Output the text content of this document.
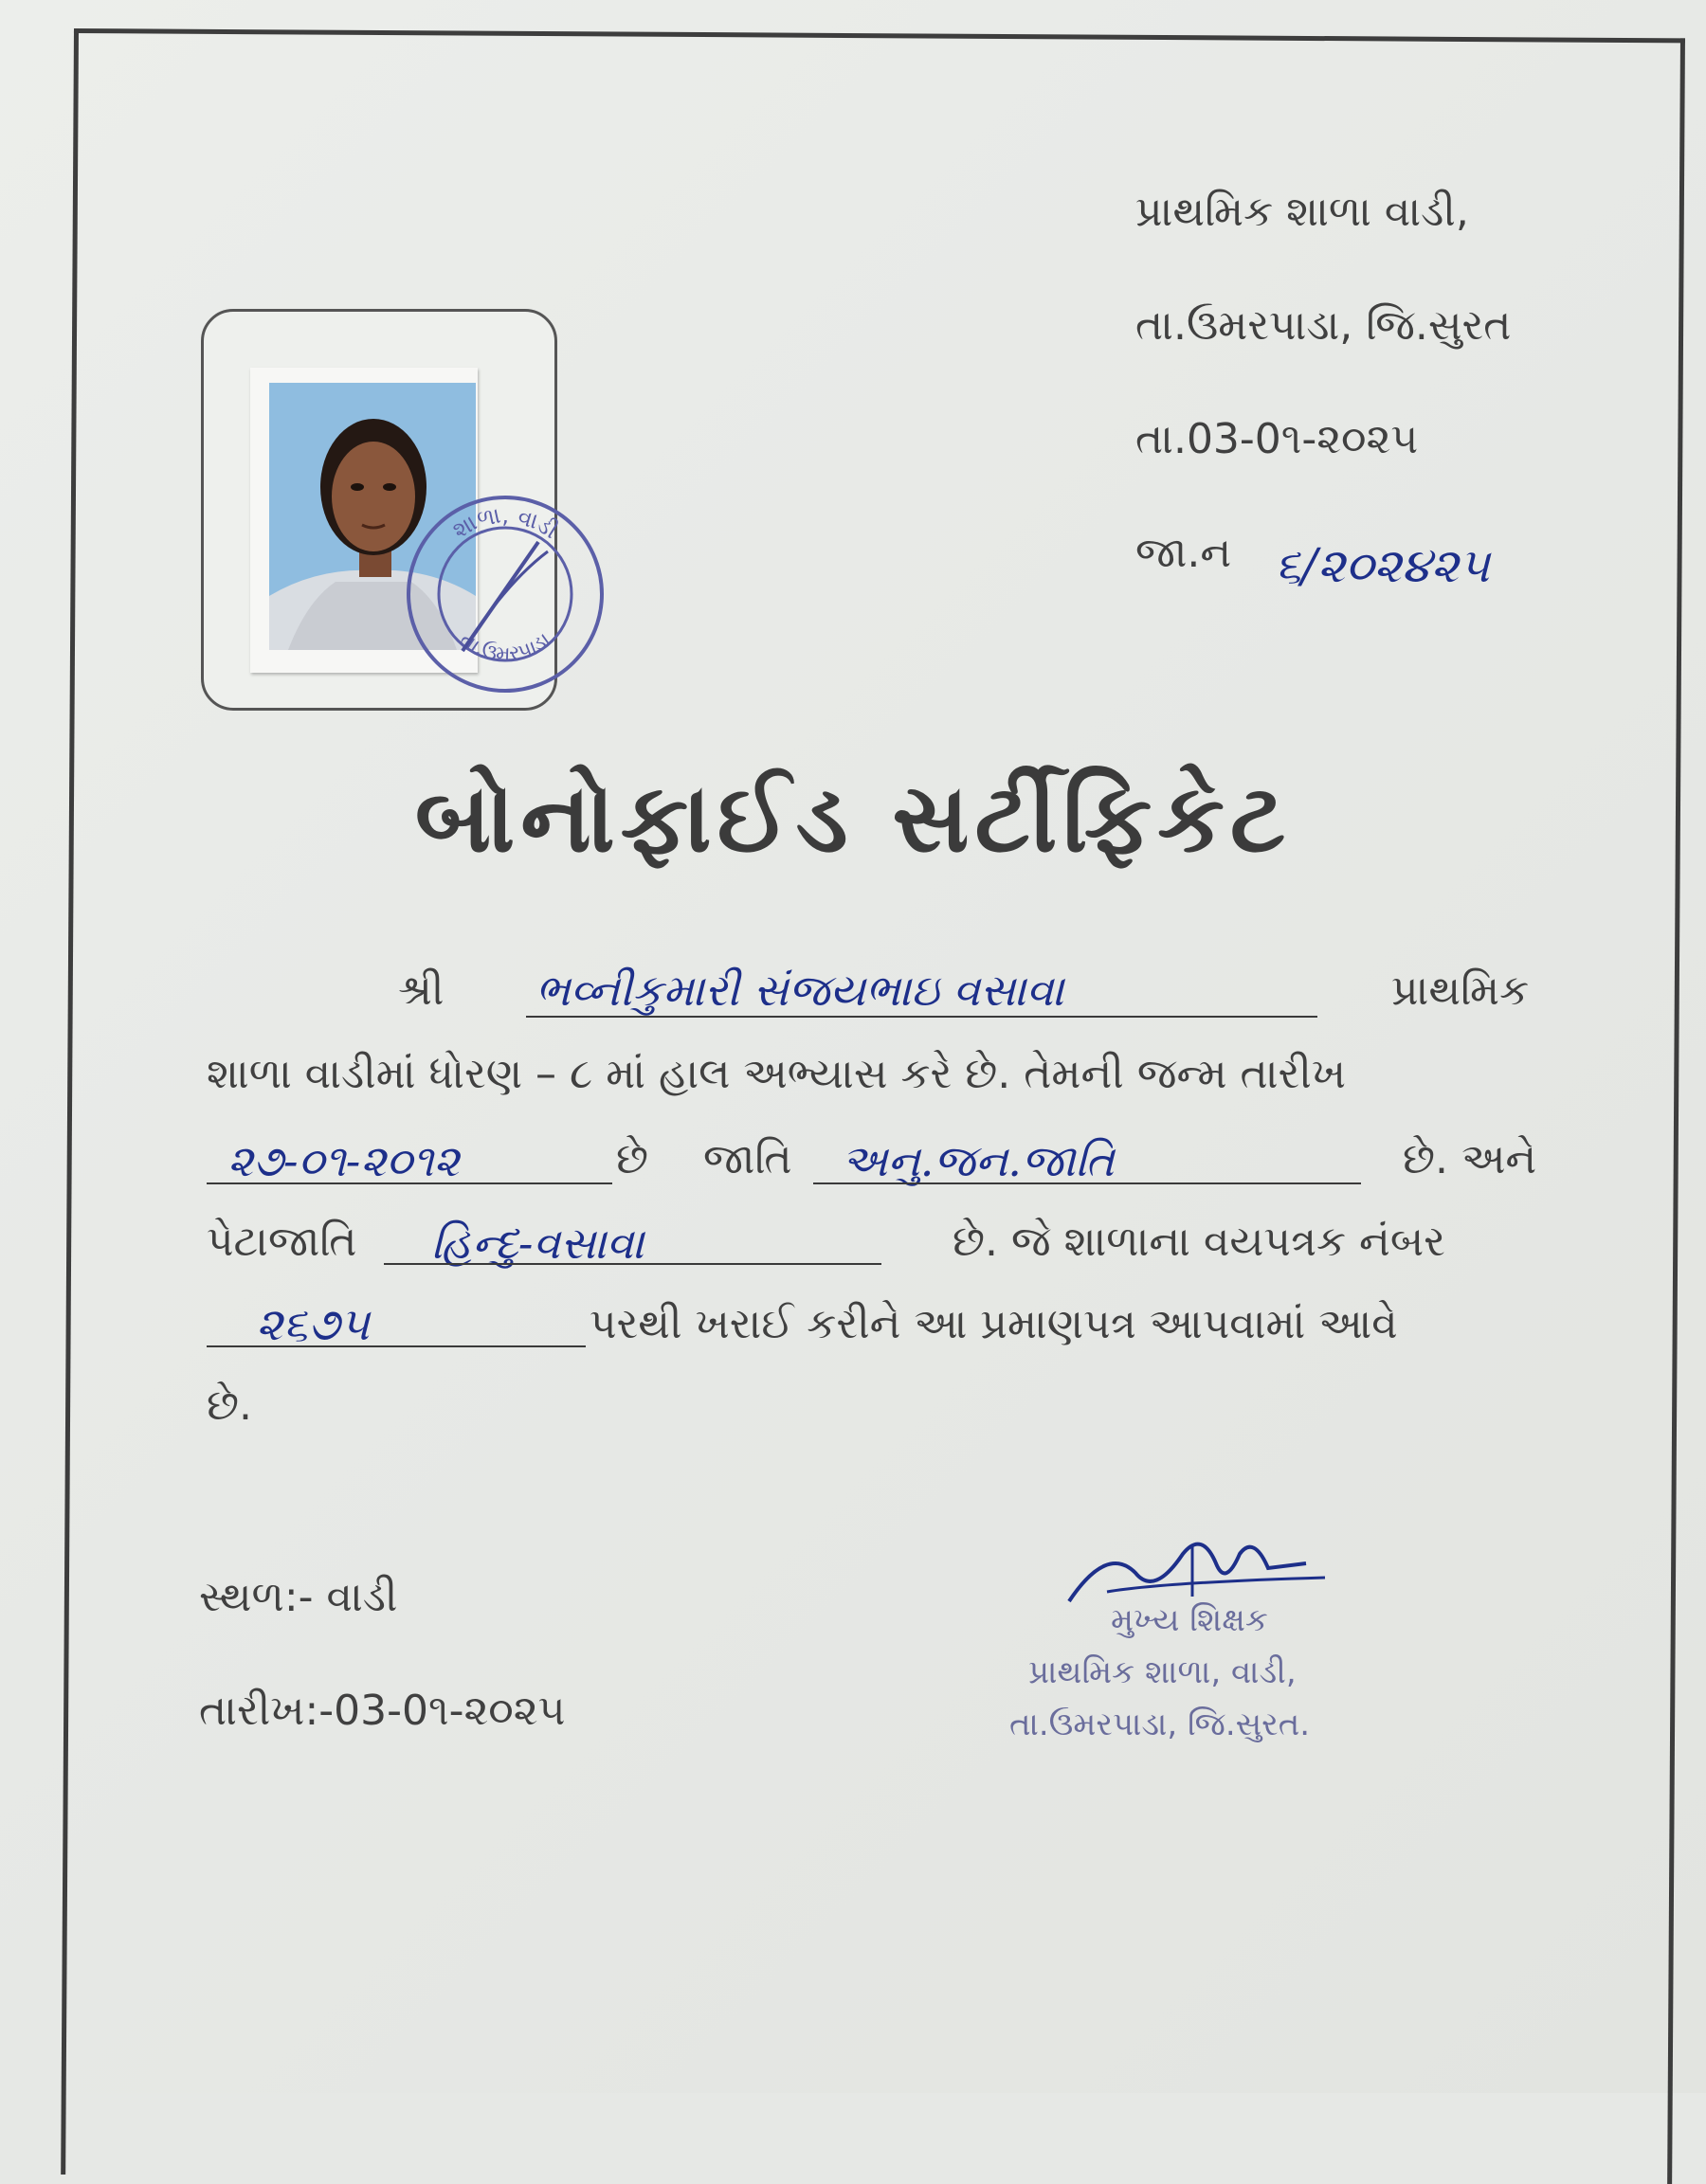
પ્રાથમિક શાળા વાડી,
તા.ઉમરપાડા, જિ.સુરત
તા.03-0૧-૨૦૨૫
જા.ન ૬/૨૦૨૪૨૫
શાળા, વાડી
તા.ઉમરપાડા
બોનોફાઈડ સર્ટીફિકેટ
શ્રી ભવ્નીકુમારી સંજયભાઇ વસાવા	પ્રાથમિક
શાળા વાડીમાં ધોરણ – ૮ માં હાલ અભ્યાસ કરે છે. તેમની જન્મ તારીખ
૨૭-૦૧-૨૦૧૨	છે જાતિ અનુ.જન.જાતિ	છે. અને
પેટાજાતિ હિન્દુ-વસાવા	છે. જે શાળાના વયપત્રક નંબર
૨૬૭૫	પરથી ખરાઈ કરીને આ પ્રમાણપત્ર આપવામાં આવે
છે.
સ્થળ:- વાડી
તારીખ:-03-0૧-૨૦૨૫
મુખ્ય શિક્ષક
પ્રાથમિક શાળા, વાડી,
તા.ઉમરપાડા, જિ.સુરત.
